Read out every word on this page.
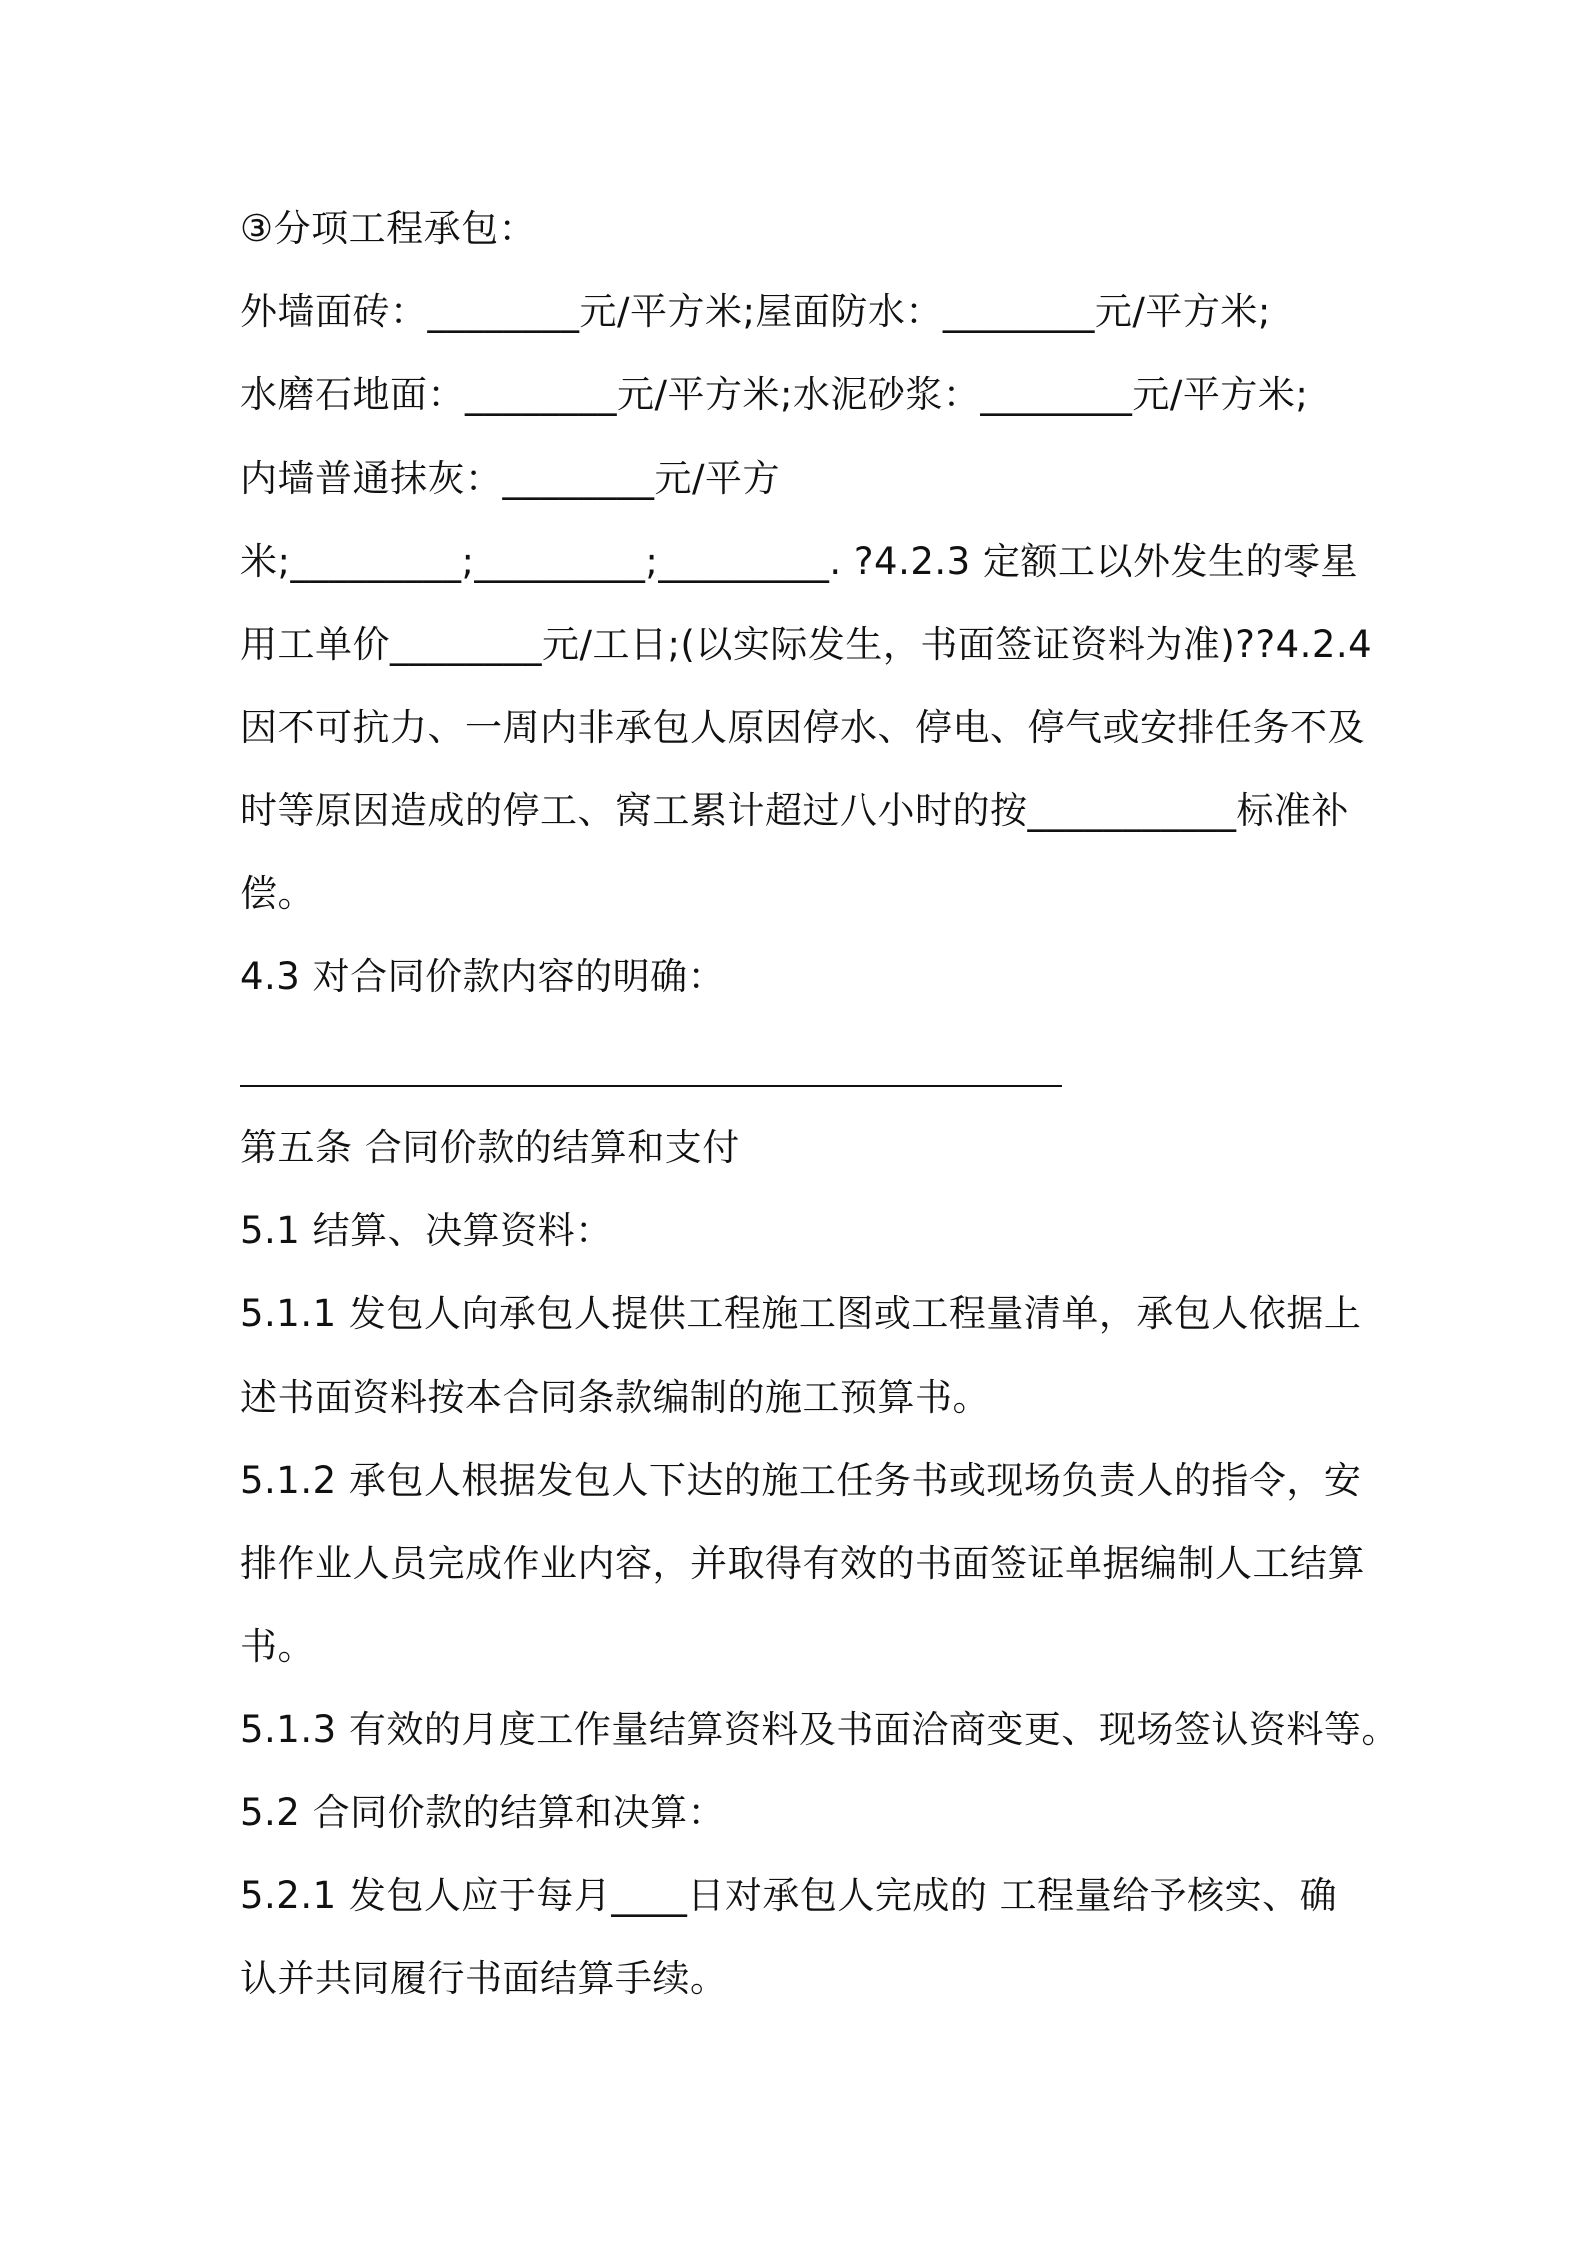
③分项工程承包：
外墙面砖：________元/平方米;屋面防水：________元/平方米;
水磨石地面：________元/平方米;水泥砂浆：________元/平方米;
内墙普通抹灰：________元/平方
米;_________;_________;_________. ?4.2.3 定额工以外发生的零星
用工单价________元/工日;(以实际发生，书面签证资料为准)??4.2.4
因不可抗力、一周内非承包人原因停水、停电、停气或安排任务不及
时等原因造成的停工、窝工累计超过八小时的按___________标准补
偿。
4.3 对合同价款内容的明确：
第五条 合同价款的结算和支付
5.1 结算、决算资料：
5.1.1 发包人向承包人提供工程施工图或工程量清单，承包人依据上
述书面资料按本合同条款编制的施工预算书。
5.1.2 承包人根据发包人下达的施工任务书或现场负责人的指令，安
排作业人员完成作业内容，并取得有效的书面签证单据编制人工结算
书。
5.1.3 有效的月度工作量结算资料及书面洽商变更、现场签认资料等。
5.2 合同价款的结算和决算：
5.2.1 发包人应于每月____日对承包人完成的 工程量给予核实、确
认并共同履行书面结算手续。
